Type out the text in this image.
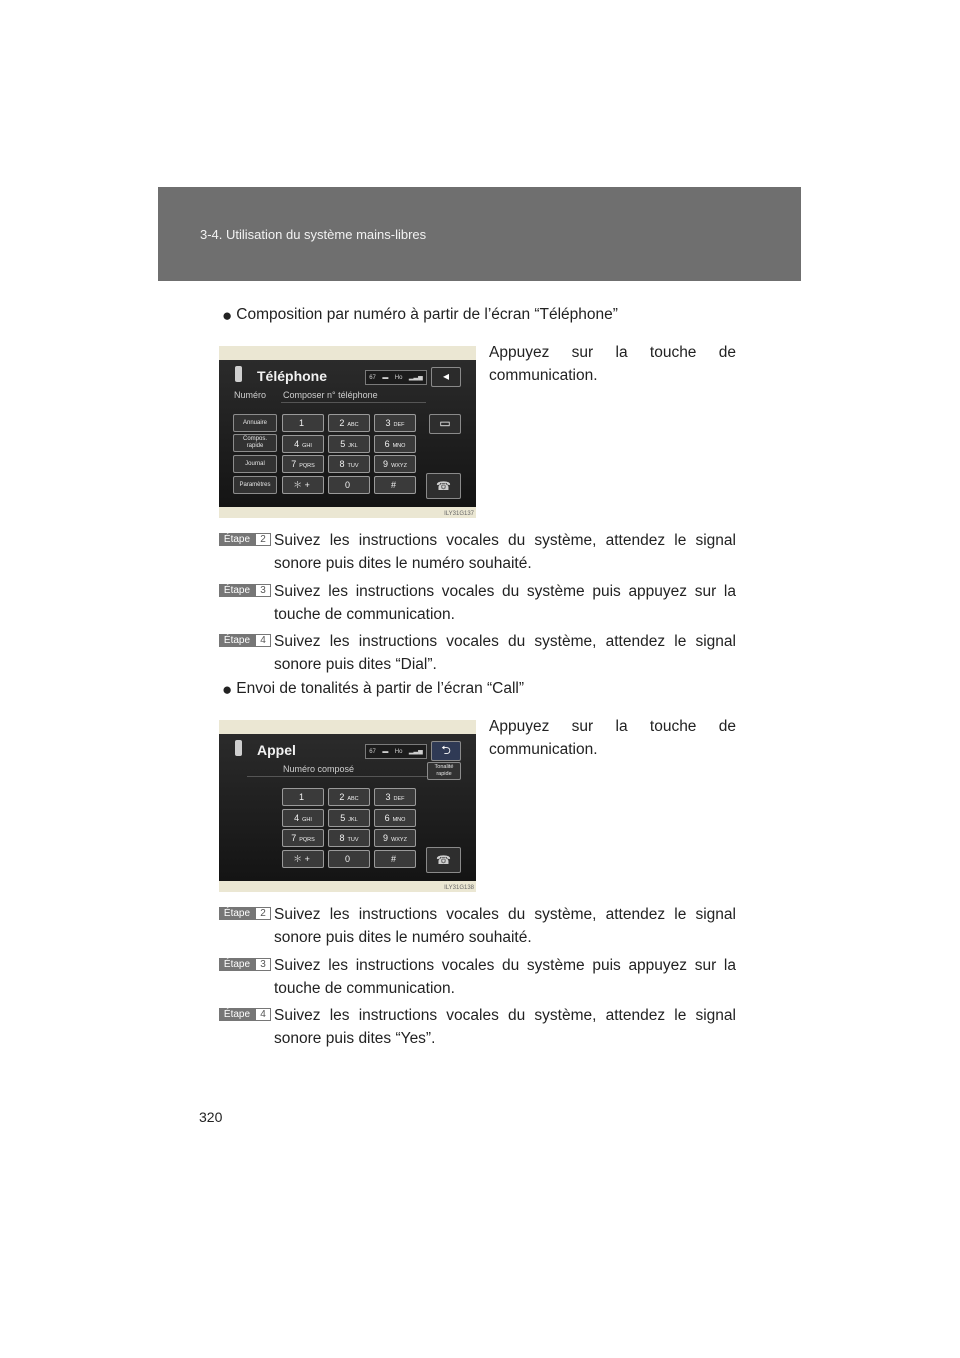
3-4. Utilisation du système mains-libres
● Composition par numéro à partir de l’écran “Téléphone”
Téléphone	67 ▬ Ho ▂▃▅	◂
Numéro Composer n° téléphone
Annuaire
Compos. rapide
Journal
Paramètres
1	2 ABC	3 DEF
4 GHI	5 JKL	6 MNO
7 PQRS	8 TUV	9 WXYZ
＊ +	0	#
▭
☎
ILY31G137
Appuyez sur la touche de communication.
Étape	2 Suivez les instructions vocales du système, attendez le signal sonore puis dites le numéro souhaité.
Étape	3 Suivez les instructions vocales du système puis appuyez sur la touche de communication.
Étape	4 Suivez les instructions vocales du système, attendez le signal sonore puis dites “Dial”.
● Envoi de tonalités à partir de l’écran “Call”
Appel	67 ▬ Ho ▂▃▅	⮌
Numéro composé	Tonalité rapide
1	2 ABC	3 DEF
4 GHI	5 JKL	6 MNO
7 PQRS	8 TUV	9 WXYZ
＊ +	0	#	☎
ILY31G138
Appuyez sur la touche de communication.
Étape	2 Suivez les instructions vocales du système, attendez le signal sonore puis dites le numéro souhaité.
Étape	3 Suivez les instructions vocales du système puis appuyez sur la touche de communication.
Étape	4 Suivez les instructions vocales du système, attendez le signal sonore puis dites “Yes”.
320
